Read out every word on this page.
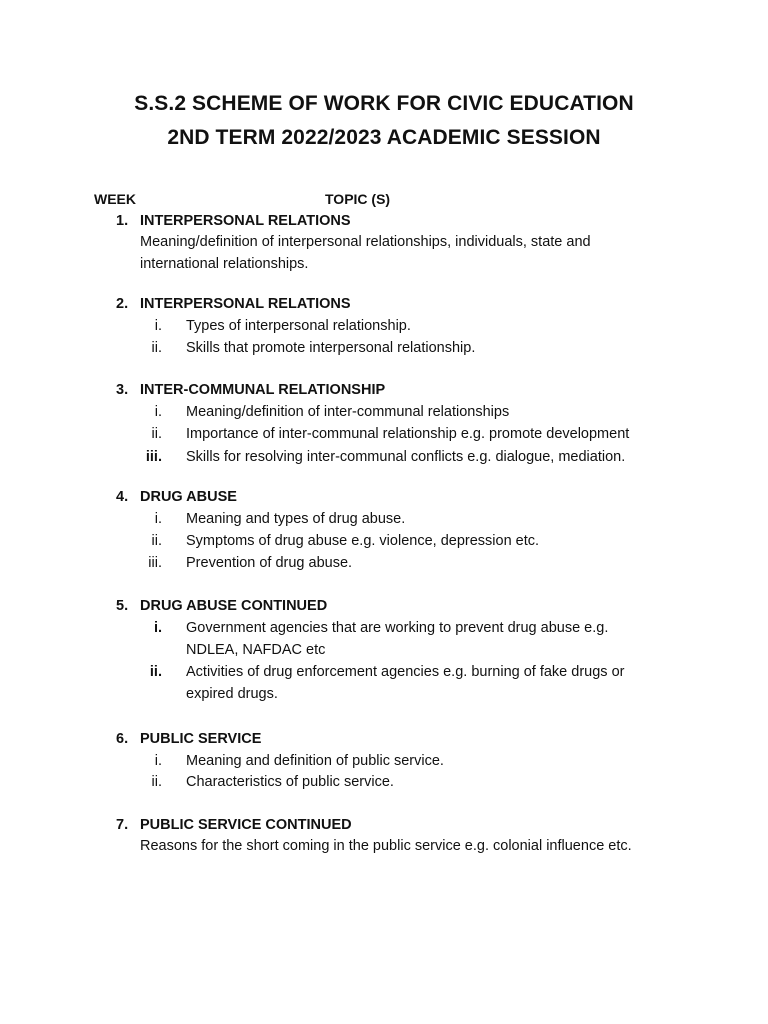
S.S.2 SCHEME OF WORK FOR CIVIC EDUCATION
2ND TERM 2022/2023 ACADEMIC SESSION
WEEK	TOPIC (S)
1. INTERPERSONAL RELATIONS
Meaning/definition of interpersonal relationships, individuals, state and
international relationships.
2. INTERPERSONAL RELATIONS
i. Types of interpersonal relationship.
ii. Skills that promote interpersonal relationship.
3. INTER-COMMUNAL RELATIONSHIP
i. Meaning/definition of inter-communal relationships
ii. Importance of inter-communal relationship e.g. promote development
iii. Skills for resolving inter-communal conflicts e.g. dialogue, mediation.
4. DRUG ABUSE
i. Meaning and types of drug abuse.
ii. Symptoms of drug abuse e.g. violence, depression etc.
iii. Prevention of drug abuse.
5. DRUG ABUSE CONTINUED
i. Government agencies that are working to prevent drug abuse e.g.
NDLEA, NAFDAC etc
ii. Activities of drug enforcement agencies e.g. burning of fake drugs or
expired drugs.
6. PUBLIC SERVICE
i. Meaning and definition of public service.
ii. Characteristics of public service.
7. PUBLIC SERVICE CONTINUED
Reasons for the short coming in the public service e.g. colonial influence etc.
